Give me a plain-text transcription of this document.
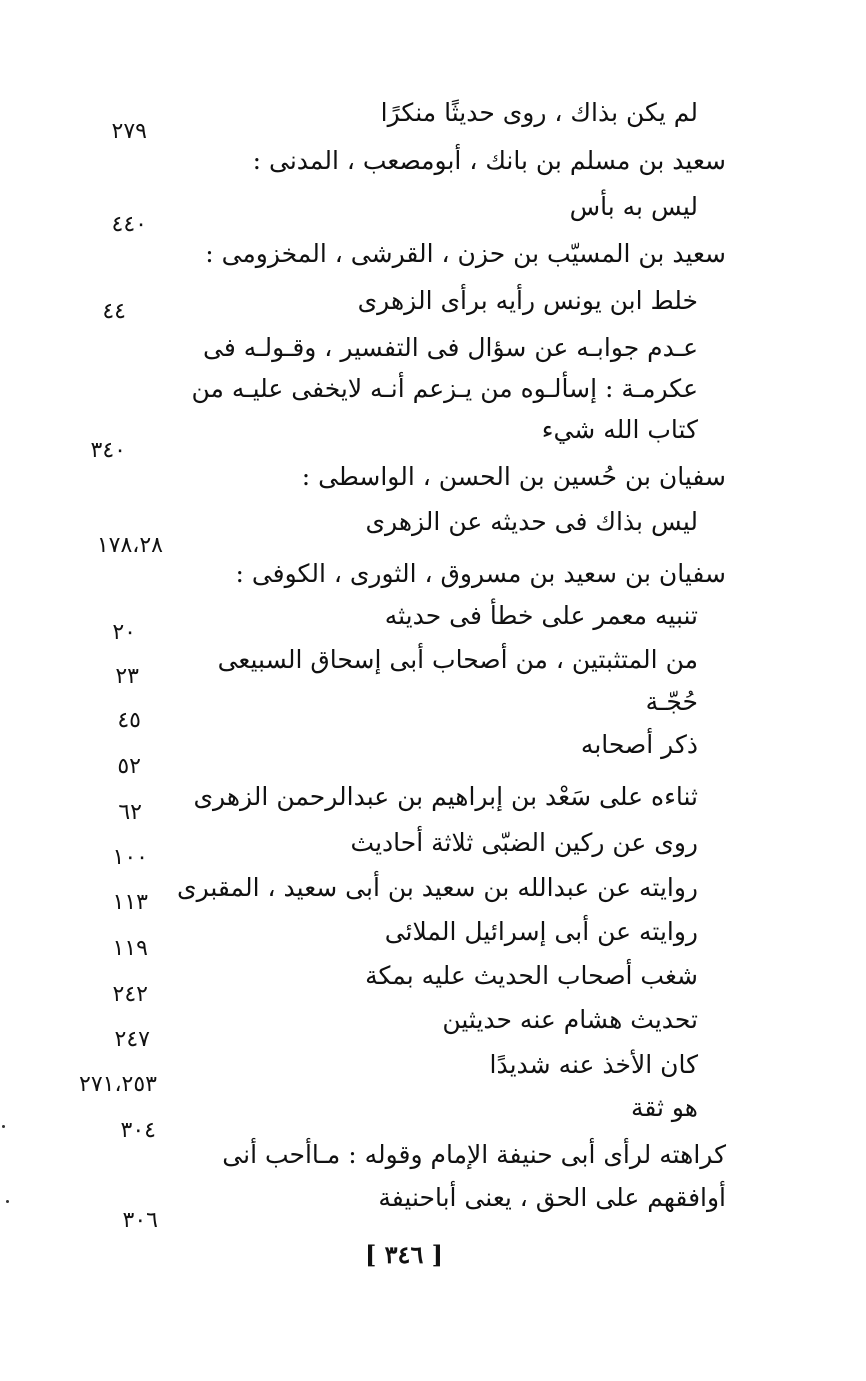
لم يكن بذاك ، روى حديثًا منكرًا
سعيد بن مسلم بن بانك ، أبومصعب ، المدنى :
ليس به بأس
سعيد بن المسيّب بن حزن ، القرشى ، المخزومى :
خلط ابن يونس رأيه برأى الزهرى
عـدم جوابـه عن سؤال فى التفسير ، وقـولـه فى
عكرمـة : إسألـوه من يـزعم أنـه لايخفى عليـه من
كتاب الله شيء
سفيان بن حُسين بن الحسن ، الواسطى :
ليس بذاك فى حديثه عن الزهرى
سفيان بن سعيد بن مسروق ، الثورى ، الكوفى :
تنبيه معمر على خطأ فى حديثه
من المتثبتين ، من أصحاب أبى إسحاق السبيعى
حُجّـة
ذكر أصحابه
ثناءه على سَعْد بن إبراهيم بن عبدالرحمن الزهرى
روى عن ركين الضبّى ثلاثة أحاديث
روايته عن عبدالله بن سعيد بن أبى سعيد ، المقبرى
روايته عن أبى إسرائيل الملائى
شغب أصحاب الحديث عليه بمكة
تحديث هشام عنه حديثين
كان الأخذ عنه شديدًا
هو ثقة
كراهته لرأى أبى حنيفة الإمام وقوله : مـاأحب أنى
أوافقهم على الحق ، يعنى أباحنيفة
٢٧٩
٤٤٠
٤٤
٣٤٠
١٧٨،٢٨
٢٠
٢٣
٤٥
٥٢
٦٢
١٠٠
١١٣
١١٩
٢٤٢
٢٤٧
٢٧١،٢٥٣
٣٠٤
٣٠٦
[ ٣٤٦ ]
